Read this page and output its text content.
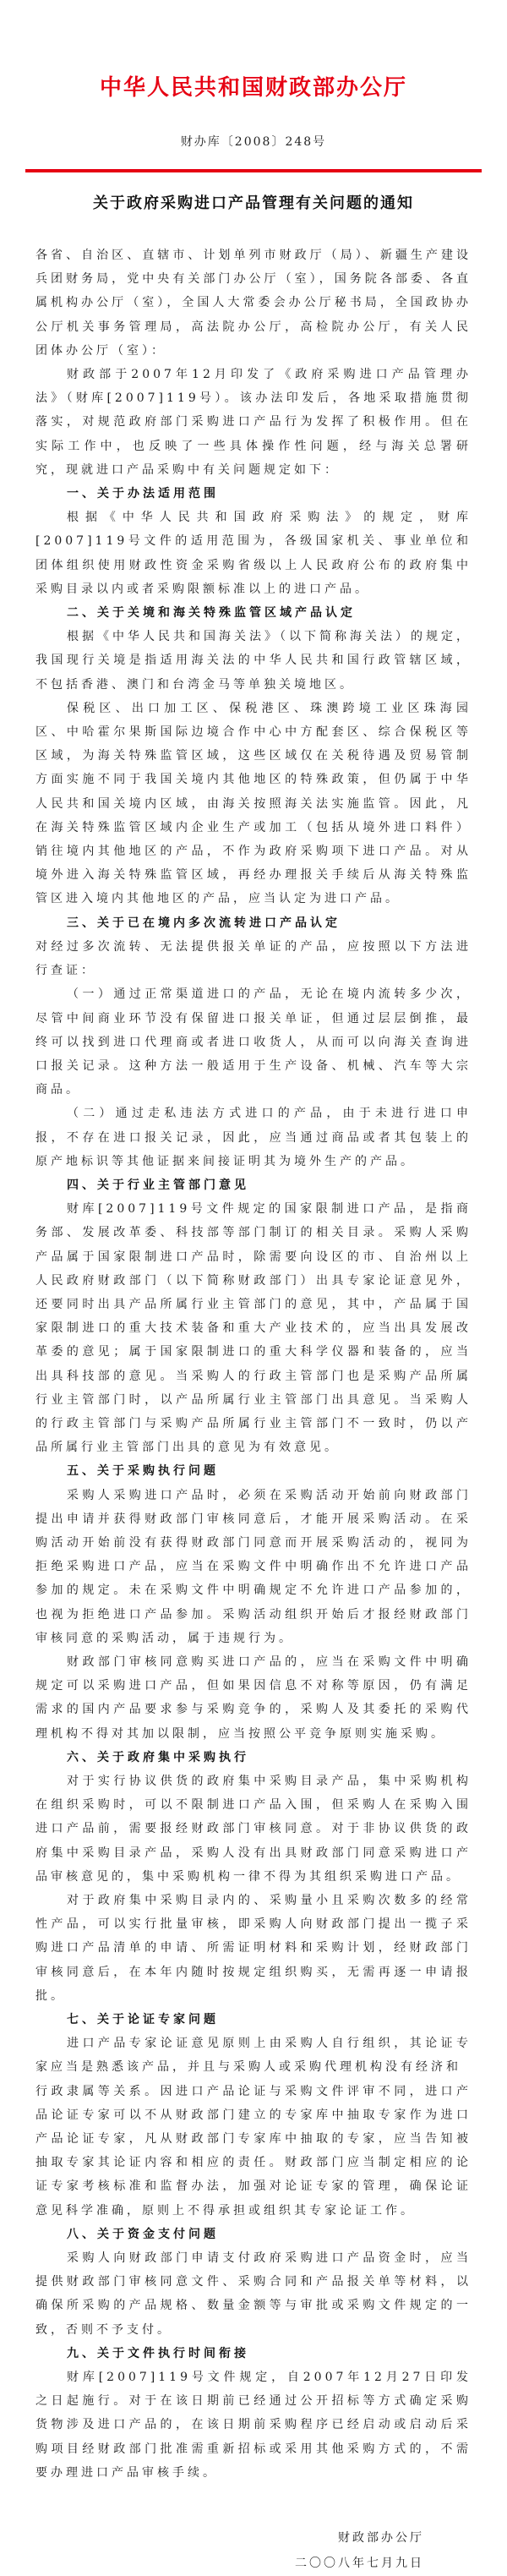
中华人民共和国财政部办公厅
财办库〔2008〕248号
关于政府采购进口产品管理有关问题的通知

各省、自治区、直辖市、计划单列市财政厅（局）、新疆生产建设兵团财务局，党中央有关部门办公厅（室），国务院各部委、各直属机构办公厅（室），全国人大常委会办公厅秘书局，全国政协办公厅机关事务管理局，高法院办公厅，高检院办公厅，有关人民团体办公厅（室）：

财政部于2007年12月印发了《政府采购进口产品管理办法》（财库[2007]119号）。该办法印发后，各地采取措施贯彻落实，对规范政府部门采购进口产品行为发挥了积极作用。但在实际工作中，也反映了一些具体操作性问题，经与海关总署研究，现就进口产品采购中有关问题规定如下：

一、关于办法适用范围

根据《中华人民共和国政府采购法》的规定，财库[2007]119号文件的适用范围为，各级国家机关、事业单位和团体组织使用财政性资金采购省级以上人民政府公布的政府集中采购目录以内或者采购限额标准以上的进口产品。

二、关于关境和海关特殊监管区域产品认定

根据《中华人民共和国海关法》（以下简称海关法）的规定，我国现行关境是指适用海关法的中华人民共和国行政管辖区域，不包括香港、澳门和台湾金马等单独关境地区。

保税区、出口加工区、保税港区、珠澳跨境工业区珠海园区、中哈霍尔果斯国际边境合作中心中方配套区、综合保税区等区域，为海关特殊监管区域，这些区域仅在关税待遇及贸易管制方面实施不同于我国关境内其他地区的特殊政策，但仍属于中华人民共和国关境内区域，由海关按照海关法实施监管。因此，凡在海关特殊监管区域内企业生产或加工（包括从境外进口料件）销往境内其他地区的产品，不作为政府采购项下进口产品。对从境外进入海关特殊监管区域，再经办理报关手续后从海关特殊监管区进入境内其他地区的产品，应当认定为进口产品。

三、关于已在境内多次流转进口产品认定

对经过多次流转、无法提供报关单证的产品，应按照以下方法进行查证：

（一）通过正常渠道进口的产品，无论在境内流转多少次，尽管中间商业环节没有保留进口报关单证，但通过层层倒推，最终可以找到进口代理商或者进口收货人，从而可以向海关查询进口报关记录。这种方法一般适用于生产设备、机械、汽车等大宗商品。

（二）通过走私违法方式进口的产品，由于未进行进口申报，不存在进口报关记录，因此，应当通过商品或者其包装上的原产地标识等其他证据来间接证明其为境外生产的产品。

四、关于行业主管部门意见

财库[2007]119号文件规定的国家限制进口产品，是指商务部、发展改革委、科技部等部门制订的相关目录。采购人采购产品属于国家限制进口产品时，除需要向设区的市、自治州以上人民政府财政部门（以下简称财政部门）出具专家论证意见外，还要同时出具产品所属行业主管部门的意见，其中，产品属于国家限制进口的重大技术装备和重大产业技术的，应当出具发展改革委的意见；属于国家限制进口的重大科学仪器和装备的，应当出具科技部的意见。当采购人的行政主管部门也是采购产品所属行业主管部门时，以产品所属行业主管部门出具意见。当采购人的行政主管部门与采购产品所属行业主管部门不一致时，仍以产品所属行业主管部门出具的意见为有效意见。

五、关于采购执行问题

采购人采购进口产品时，必须在采购活动开始前向财政部门提出申请并获得财政部门审核同意后，才能开展采购活动。在采购活动开始前没有获得财政部门同意而开展采购活动的，视同为拒绝采购进口产品，应当在采购文件中明确作出不允许进口产品参加的规定。未在采购文件中明确规定不允许进口产品参加的，也视为拒绝进口产品参加。采购活动组织开始后才报经财政部门审核同意的采购活动，属于违规行为。

财政部门审核同意购买进口产品的，应当在采购文件中明确规定可以采购进口产品，但如果因信息不对称等原因，仍有满足需求的国内产品要求参与采购竞争的，采购人及其委托的采购代理机构不得对其加以限制，应当按照公平竞争原则实施采购。

六、关于政府集中采购执行

对于实行协议供货的政府集中采购目录产品，集中采购机构在组织采购时，可以不限制进口产品入围，但采购人在采购入围进口产品前，需要报经财政部门审核同意。对于非协议供货的政府集中采购目录产品，采购人没有出具财政部门同意采购进口产品审核意见的，集中采购机构一律不得为其组织采购进口产品。

对于政府集中采购目录内的、采购量小且采购次数多的经常性产品，可以实行批量审核，即采购人向财政部门提出一揽子采购进口产品清单的申请、所需证明材料和采购计划，经财政部门审核同意后，在本年内随时按规定组织购买，无需再逐一申请报批。

七、关于论证专家问题

进口产品专家论证意见原则上由采购人自行组织，其论证专家应当是熟悉该产品，并且与采购人或采购代理机构没有经济和
行政隶属等关系。因进口产品论证与采购文件评审不同，进口产品论证专家可以不从财政部门建立的专家库中抽取专家作为进口产品论证专家，凡从财政部门专家库中抽取的专家，应当告知被抽取专家其论证内容和相应的责任。财政部门应当制定相应的论证专家考核标准和监督办法，加强对论证专家的管理，确保论证意见科学准确，原则上不得承担或组织其专家论证工作。

八、关于资金支付问题

采购人向财政部门申请支付政府采购进口产品资金时，应当提供财政部门审核同意文件、采购合同和产品报关单等材料，以确保所采购的产品规格、数量金额等与审批或采购文件规定的一致，否则不予支付。

九、关于文件执行时间衔接

财库[2007]119号文件规定，自2007年12月27日印发之日起施行。对于在该日期前已经通过公开招标等方式确定采购货物涉及进口产品的，在该日期前采购程序已经启动或启动后采购项目经财政部门批准需重新招标或采用其他采购方式的，不需要办理进口产品审核手续。

财政部办公厅
二〇〇八年七月九日
